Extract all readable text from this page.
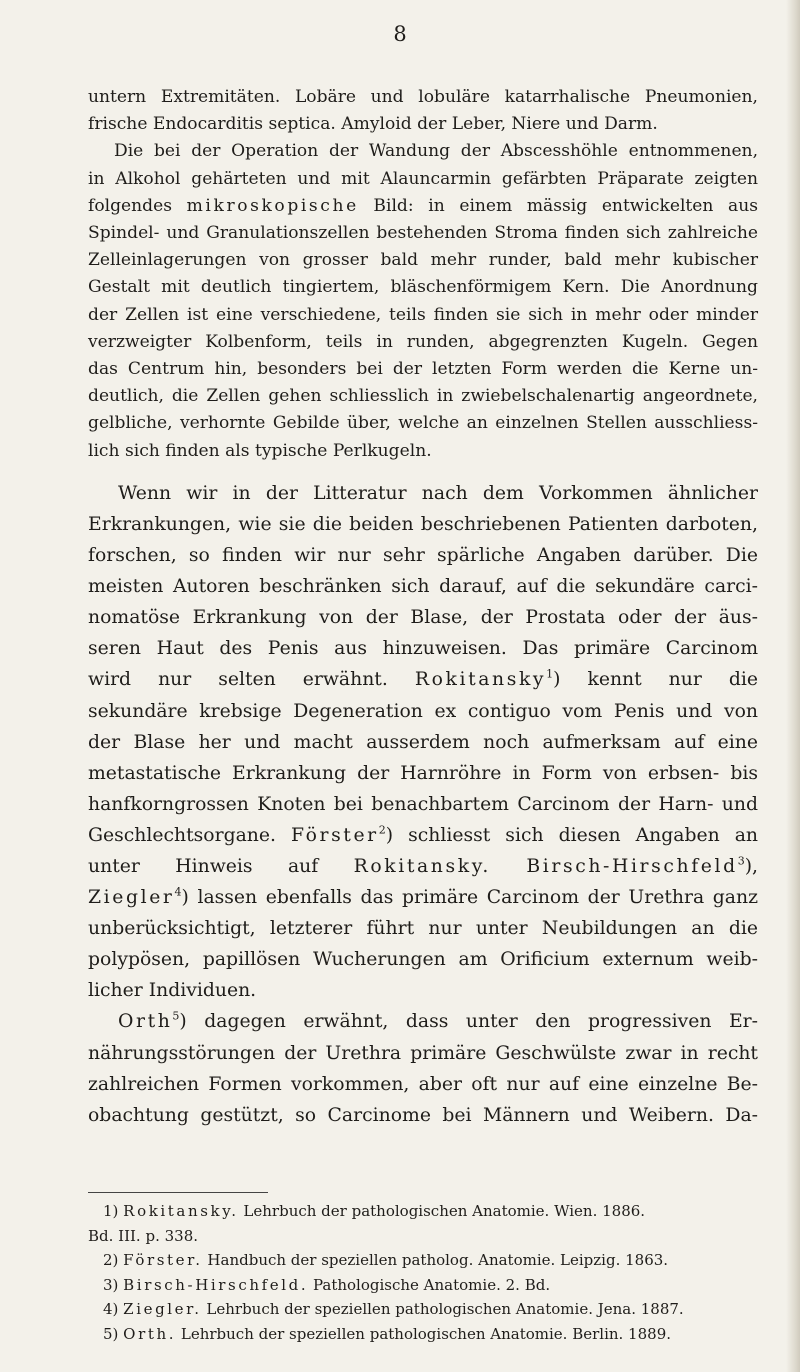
8

untern Extremitäten. Lobäre und lobuläre katarrhalische Pneumonien,

frische Endocarditis septica. Amyloid der Leber, Niere und Darm.

Die bei der Operation der Wandung der Abscesshöhle entnommenen,

in Alkohol gehärteten und mit Alauncarmin gefärbten Präparate zeigten

folgendes mikroskopische Bild: in einem mässig entwickelten aus

Spindel- und Granulationszellen bestehenden Stroma finden sich zahlreiche

Zelleinlagerungen von grosser bald mehr runder, bald mehr kubischer

Gestalt mit deutlich tingiertem, bläschenförmigem Kern. Die Anordnung

der Zellen ist eine verschiedene, teils finden sie sich in mehr oder minder

verzweigter Kolbenform, teils in runden, abgegrenzten Kugeln. Gegen

das Centrum hin, besonders bei der letzten Form werden die Kerne un-

deutlich, die Zellen gehen schliesslich in zwiebelschalenartig angeordnete,

gelbliche, verhornte Gebilde über, welche an einzelnen Stellen ausschliess-

lich sich finden als typische Perlkugeln.

Wenn wir in der Litteratur nach dem Vorkommen ähnlicher

Erkrankungen, wie sie die beiden beschriebenen Patienten darboten,

forschen, so finden wir nur sehr spärliche Angaben darüber. Die

meisten Autoren beschränken sich darauf, auf die sekundäre carci-

nomatöse Erkrankung von der Blase, der Prostata oder der äus-

seren Haut des Penis aus hinzuweisen. Das primäre Carcinom

wird nur selten erwähnt. Rokitansky$^1$) kennt nur die

sekundäre krebsige Degeneration ex contiguo vom Penis und von

der Blase her und macht ausserdem noch aufmerksam auf eine

metastatische Erkrankung der Harnröhre in Form von erbsen- bis

hanfkorngrossen Knoten bei benachbartem Carcinom der Harn- und

Geschlechtsorgane. Förster$^2$) schliesst sich diesen Angaben an

unter Hinweis auf Rokitansky. Birsch-Hirschfeld$^3$),

Ziegler$^4$) lassen ebenfalls das primäre Carcinom der Urethra ganz

unberücksichtigt, letzterer führt nur unter Neubildungen an die

polypösen, papillösen Wucherungen am Orificium externum weib-

licher Individuen.

Orth$^5$) dagegen erwähnt, dass unter den progressiven Er-

nährungsstörungen der Urethra primäre Geschwülste zwar in recht

zahlreichen Formen vorkommen, aber oft nur auf eine einzelne Be-

obachtung gestützt, so Carcinome bei Männern und Weibern. Da-

1) Rokitansky. Lehrbuch der pathologischen Anatomie. Wien. 1886.

Bd. III. p. 338.

2) Förster. Handbuch der speziellen patholog. Anatomie. Leipzig. 1863.

3) Birsch-Hirschfeld. Pathologische Anatomie. 2. Bd.

4) Ziegler. Lehrbuch der speziellen pathologischen Anatomie. Jena. 1887.

5) Orth. Lehrbuch der speziellen pathologischen Anatomie. Berlin. 1889.
